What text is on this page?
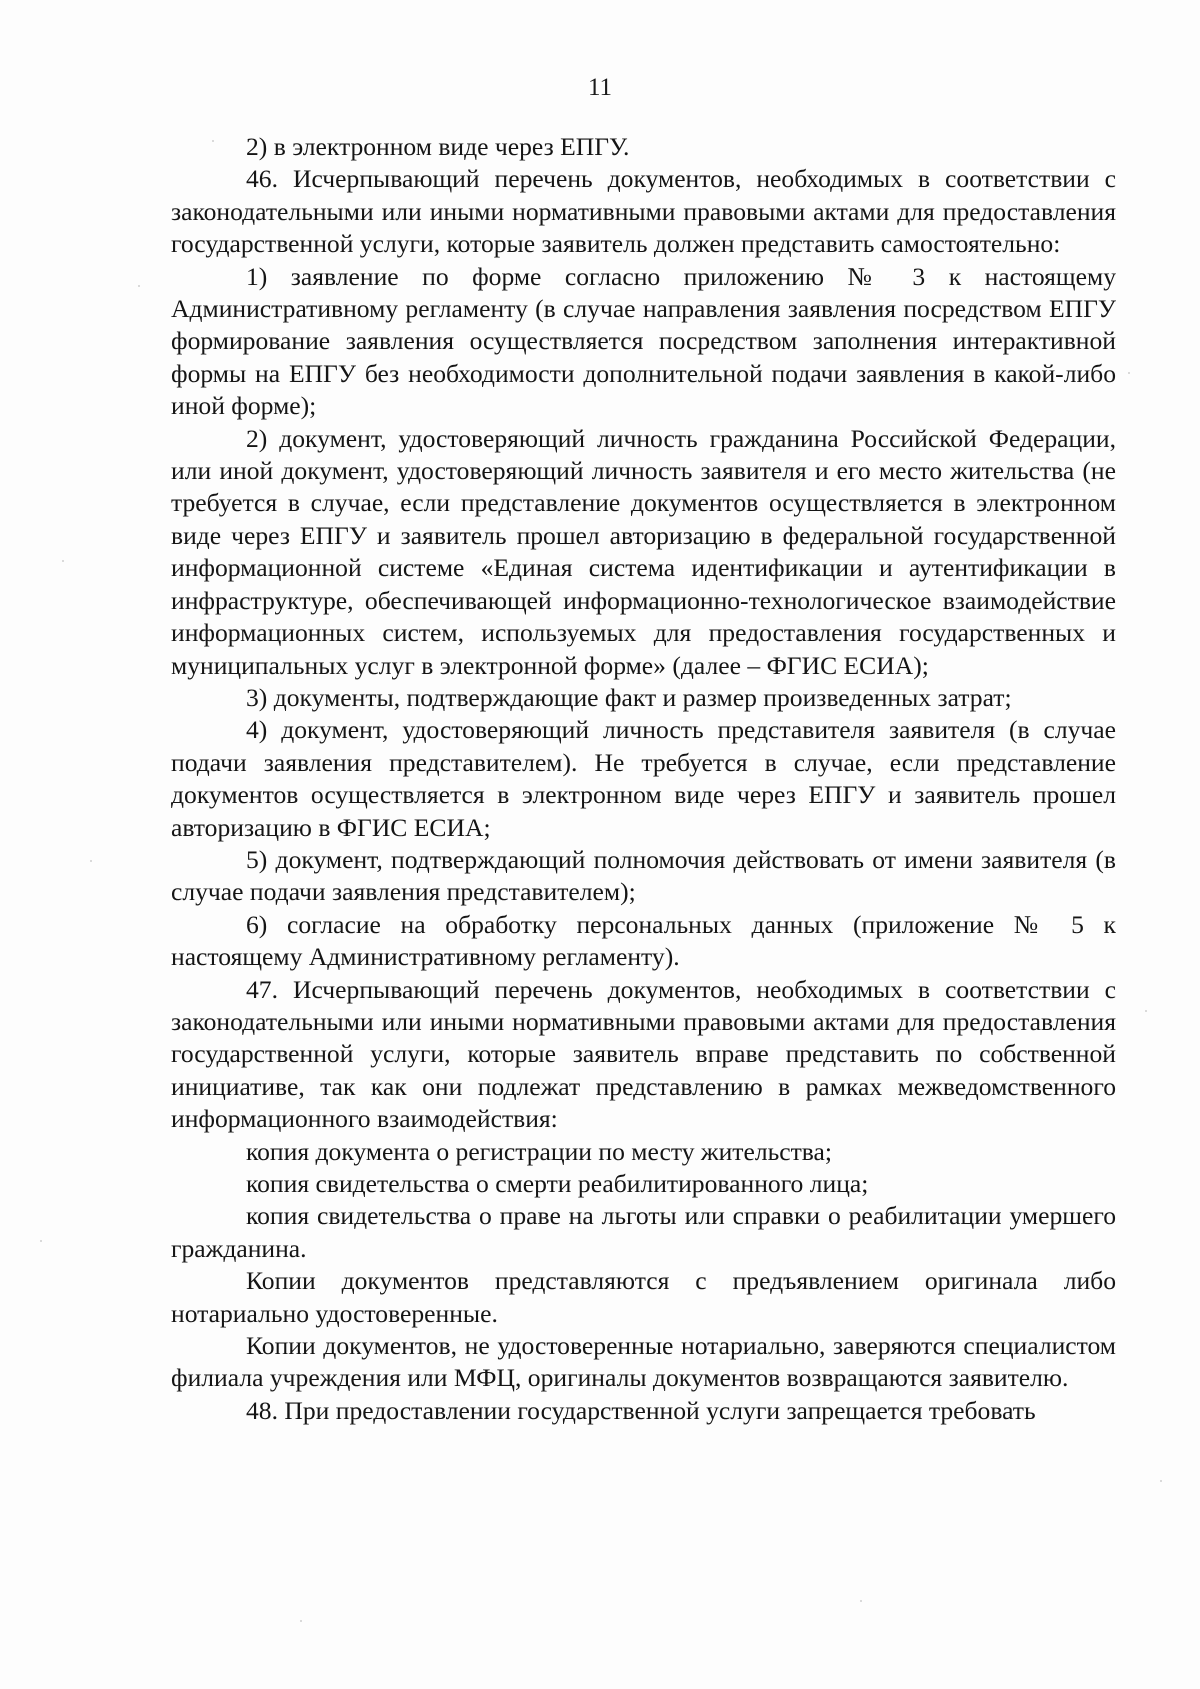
11

2) в электронном виде через ЕПГУ.

46. Исчерпывающий перечень документов, необходимых в соответствии с законодательными или иными нормативными правовыми актами для предоставления государственной услуги, которые заявитель должен представить самостоятельно:

1) заявление по форме согласно приложению № 3 к настоящему Административному регламенту (в случае направления заявления посредством ЕПГУ формирование заявления осуществляется посредством заполнения интерактивной формы на ЕПГУ без необходимости дополнительной подачи заявления в какой-либо иной форме);

2) документ, удостоверяющий личность гражданина Российской Федерации, или иной документ, удостоверяющий личность заявителя и его место жительства (не требуется в случае, если представление документов осуществляется в электронном виде через ЕПГУ и заявитель прошел авторизацию в федеральной государственной информационной системе «Единая система идентификации и аутентификации в инфраструктуре, обеспечивающей информационно-технологическое взаимодействие информационных систем, используемых для предоставления государственных и муниципальных услуг в электронной форме» (далее – ФГИС ЕСИА);

3) документы, подтверждающие факт и размер произведенных затрат;

4) документ, удостоверяющий личность представителя заявителя (в случае подачи заявления представителем). Не требуется в случае, если представление документов осуществляется в электронном виде через ЕПГУ и заявитель прошел авторизацию в ФГИС ЕСИА;

5) документ, подтверждающий полномочия действовать от имени заявителя (в случае подачи заявления представителем);

6) согласие на обработку персональных данных (приложение № 5 к настоящему Административному регламенту).

47. Исчерпывающий перечень документов, необходимых в соответствии с законодательными или иными нормативными правовыми актами для предоставления государственной услуги, которые заявитель вправе представить по собственной инициативе, так как они подлежат представлению в рамках межведомственного информационного взаимодействия:

копия документа о регистрации по месту жительства;

копия свидетельства о смерти реабилитированного лица;

копия свидетельства о праве на льготы или справки о реабилитации умершего гражданина.

Копии документов представляются с предъявлением оригинала либо нотариально удостоверенные.

Копии документов, не удостоверенные нотариально, заверяются специалистом филиала учреждения или МФЦ, оригиналы документов возвращаются заявителю.

48. При предоставлении государственной услуги запрещается требовать
